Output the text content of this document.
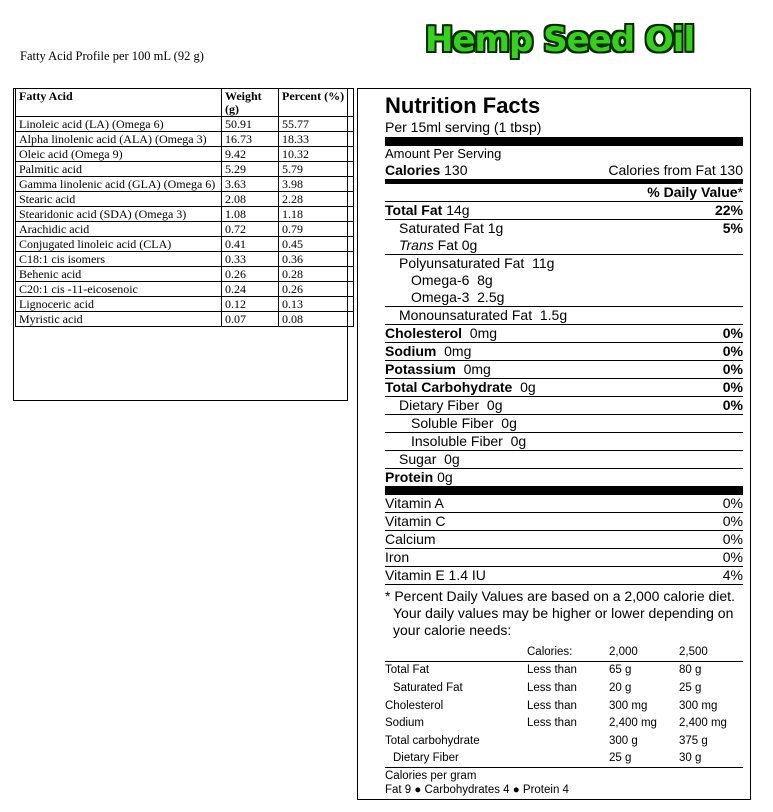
Fatty Acid Profile per 100 mL (92 g)	Hemp Seed Oil
Fatty Acid	Weight (g)	Percent (%)
Linoleic acid (LA) (Omega 6)	50.91	55.77
Alpha linolenic acid (ALA) (Omega 3)	16.73	18.33
Oleic acid (Omega 9)	9.42	10.32
Palmitic acid	5.29	5.79
Gamma linolenic acid (GLA) (Omega 6)	3.63	3.98
Stearic acid	2.08	2.28
Stearidonic acid (SDA) (Omega 3)	1.08	1.18
Arachidic acid	0.72	0.79
Conjugated linoleic acid (CLA)	0.41	0.45
C18:1 cis isomers	0.33	0.36
Behenic acid	0.26	0.28
C20:1 cis -11-eicosenoic	0.24	0.26
Lignoceric acid	0.12	0.13
Myristic acid	0.07	0.08
Nutrition Facts
Per 15ml serving (1 tbsp)
Amount Per Serving
Calories 130	Calories from Fat 130
% Daily Value*
Total Fat 14g	22%
Saturated Fat 1g	5%
Trans Fat 0g
Polyunsaturated Fat 11g
Omega-6 8g
Omega-3 2.5g
Monounsaturated Fat 1.5g
Cholesterol 0mg	0%
Sodium 0mg	0%
Potassium 0mg	0%
Total Carbohydrate 0g	0%
Dietary Fiber 0g	0%
Soluble Fiber 0g
Insoluble Fiber 0g
Sugar 0g
Protein 0g
Vitamin A	0%
Vitamin C	0%
Calcium	0%
Iron	0%
Vitamin E 1.4 IU	4%
* Percent Daily Values are based on a 2,000 calorie diet. Your daily values may be higher or lower depending on your calorie needs:
	Calories:	2,000	2,500
Total Fat	Less than	65 g	80 g
Saturated Fat	Less than	20 g	25 g
Cholesterol	Less than	300 mg	300 mg
Sodium	Less than	2,400 mg	2,400 mg
Total carbohydrate		300 g	375 g
Dietary Fiber		25 g	30 g
Calories per gram
Fat 9 ● Carbohydrates 4 ● Protein 4
